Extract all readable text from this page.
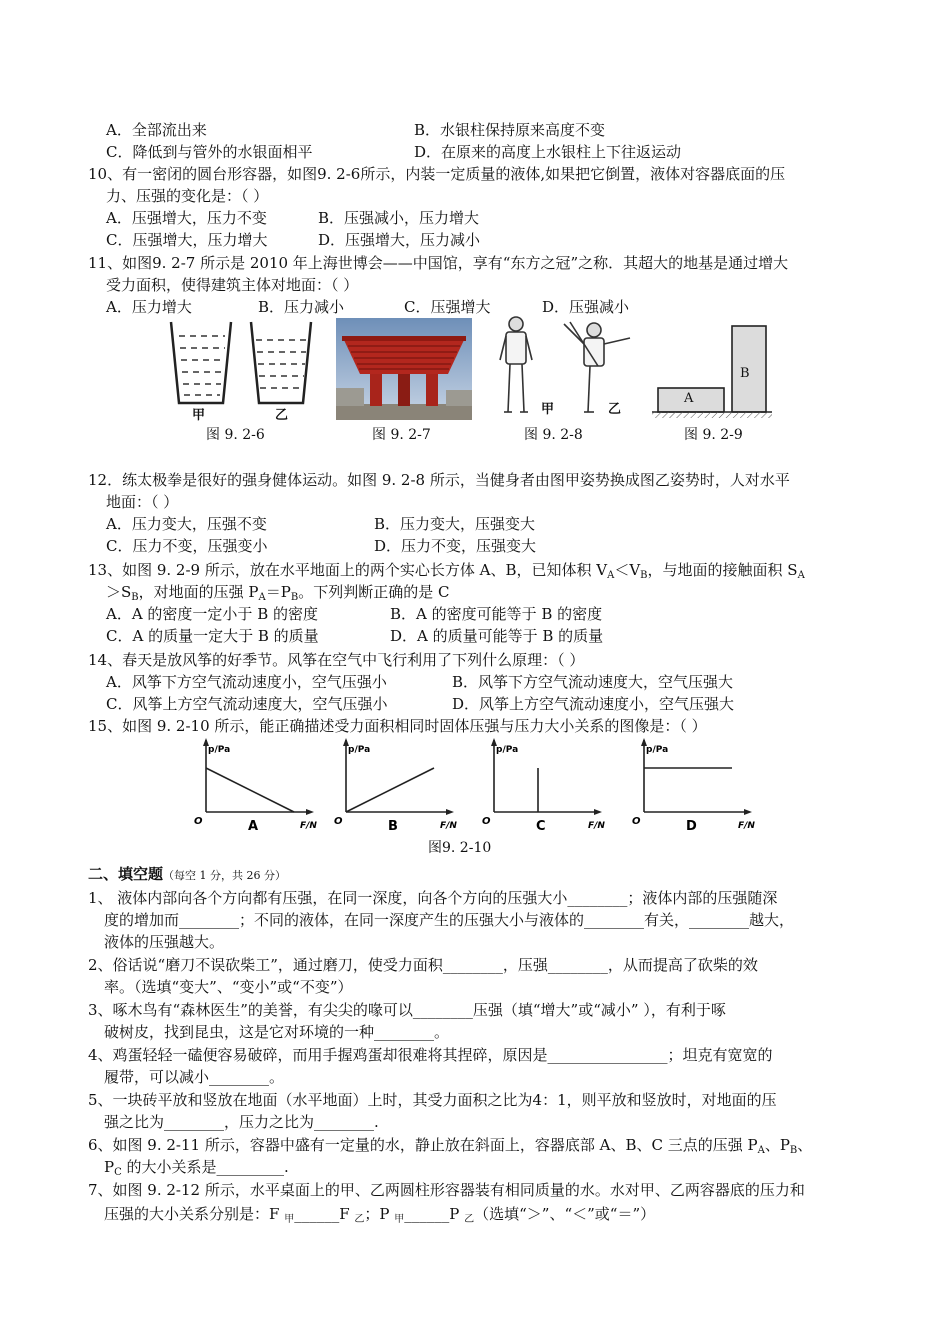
A．全部流出来	B．水银柱保持原来高度不变
C．降低到与管外的水银面相平	D．在原来的高度上水银柱上下往返运动
10、有一密闭的圆台形容器，如图9. 2-6所示，内装一定质量的液体,如果把它倒置，液体对容器底面的压
力、压强的变化是：（ ）
A．压强增大，压力不变	B．压强减小，压力增大
C．压强增大，压力增大	D．压强增大，压力减小
11、如图9. 2-7 所示是 2010 年上海世博会——中国馆，享有“东方之冠”之称．其超大的地基是通过增大
受力面积，使得建筑主体对地面：（ ）
A．压力增大	B．压力减小	C．压强增大	D．压强减小
甲	乙
图 9. 2-6	图 9. 2-7
甲	乙
图 9. 2-8
A
B
图 9. 2-9
12．练太极拳是很好的强身健体运动。如图 9. 2-8 所示，当健身者由图甲姿势换成图乙姿势时，人对水平
地面：（ ）
A．压力变大，压强不变	B．压力变大，压强变大
C．压力不变，压强变小	D．压力不变，压强变大
13、如图 9. 2-9 所示，放在水平地面上的两个实心长方体 A、B，已知体积 $V_A<V_B$，与地面的接触面积 $S_A$
$>S_B$，对地面的压强 $P_A=P_B$。下列判断正确的是 C
A．A 的密度一定小于 B 的密度	B．A 的密度可能等于 B 的密度
C．A 的质量一定大于 B 的质量	D．A 的质量可能等于 B 的质量
14、春天是放风筝的好季节。风筝在空气中飞行利用了下列什么原理：（ ）
A．风筝下方空气流动速度小，空气压强小	B．风筝下方空气流动速度大，空气压强大
C．风筝上方空气流动速度大，空气压强小	D．风筝上方空气流动速度小，空气压强大
15、如图 9. 2-10 所示，能正确描述受力面积相同时固体压强与压力大小关系的图像是：（ ）
p/Pa
F/N
O	A
p/Pa
F/N
O	B
p/Pa
F/N
O	C
p/Pa
F/N
O	D
图9. 2-10
二、填空题（每空 1 分，共 26 分）
1、 液体内部向各个方向都有压强，在同一深度，向各个方向的压强大小________；液体内部的压强随深
度的增加而________；不同的液体，在同一深度产生的压强大小与液体的________有关，________越大，
液体的压强越大。
2、俗话说“磨刀不误砍柴工”，通过磨刀，使受力面积________，压强________，从而提高了砍柴的效
率。（选填“变大”、“变小”或“不变”）
3、啄木鸟有“森林医生”的美誉，有尖尖的喙可以________压强（填“增大”或“减小” ），有利于啄
破树皮，找到昆虫，这是它对环境的一种________。
4、鸡蛋轻轻一磕便容易破碎，而用手握鸡蛋却很难将其捏碎，原因是________________；坦克有宽宽的
履带，可以减小________。
5、一块砖平放和竖放在地面（水平地面）上时，其受力面积之比为4：1，则平放和竖放时，对地面的压
强之比为________，压力之比为________.
6、如图 9. 2-11 所示，容器中盛有一定量的水，静止放在斜面上，容器底部 A、B、C 三点的压强 $P_A$、$P_B$、
$P_C$ 的大小关系是_________.
7、如图 9. 2-12 所示，水平桌面上的甲、乙两圆柱形容器装有相同质量的水。水对甲、乙两容器底的压力和
压强的大小关系分别是：F $_甲$______F $_乙$；P $_甲$______P $_乙$（选填“＞”、“＜”或“＝”）
